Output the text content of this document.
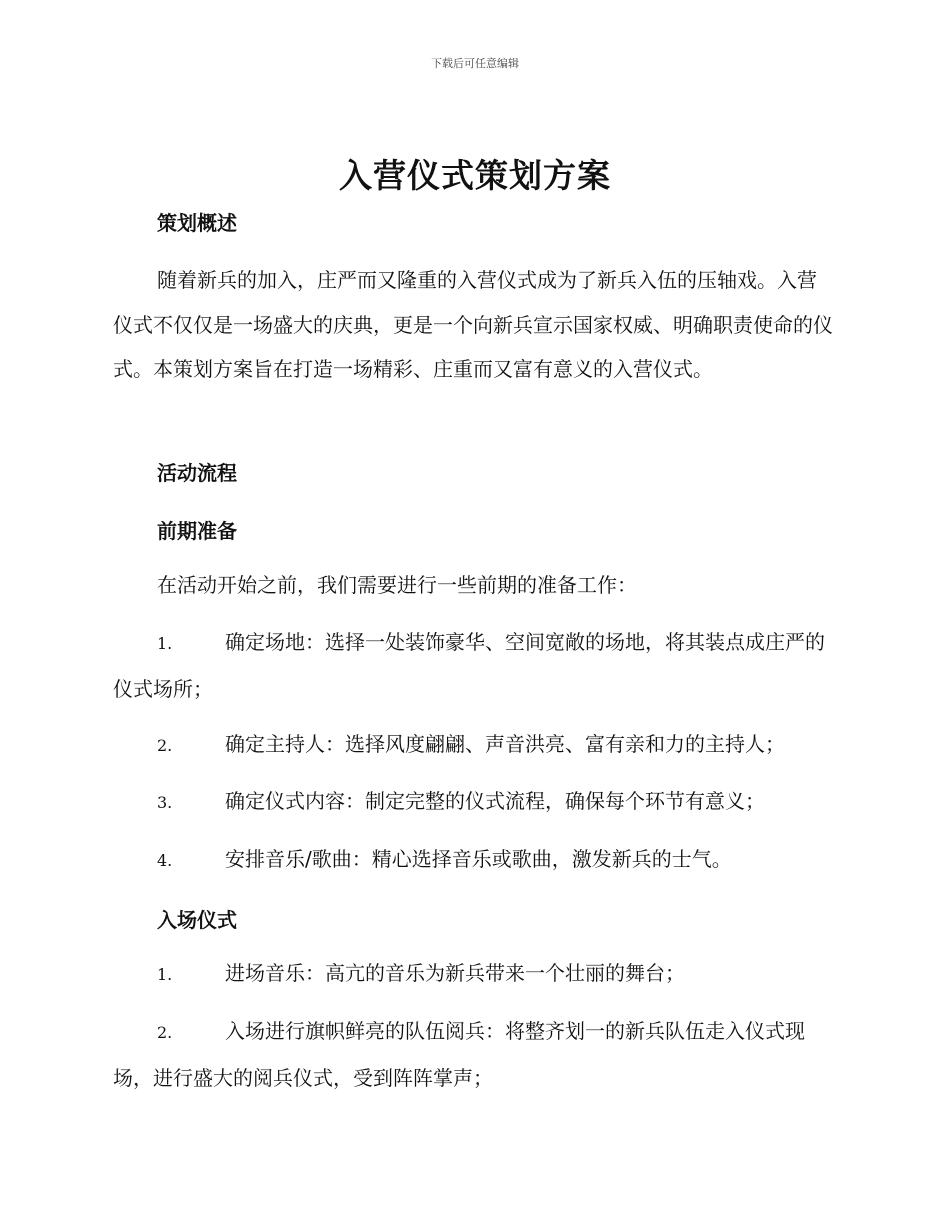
下载后可任意编辑
入营仪式策划方案
策划概述

随着新兵的加入，庄严而又隆重的入营仪式成为了新兵入伍的压轴戏。入营仪式不仅仅是一场盛大的庆典，更是一个向新兵宣示国家权威、明确职责使命的仪式。本策划方案旨在打造一场精彩、庄重而又富有意义的入营仪式。

活动流程
前期准备

在活动开始之前，我们需要进行一些前期的准备工作：

1.	确定场地：选择一处装饰豪华、空间宽敞的场地，将其装点成庄严的仪式场所；

2.	确定主持人：选择风度翩翩、声音洪亮、富有亲和力的主持人；

3.	确定仪式内容：制定完整的仪式流程，确保每个环节有意义；

4.	安排音乐/歌曲：精心选择音乐或歌曲，激发新兵的士气。

入场仪式

1.	进场音乐：高亢的音乐为新兵带来一个壮丽的舞台；

2.	入场进行旗帜鲜亮的队伍阅兵：将整齐划一的新兵队伍走入仪式现场，进行盛大的阅兵仪式，受到阵阵掌声；
